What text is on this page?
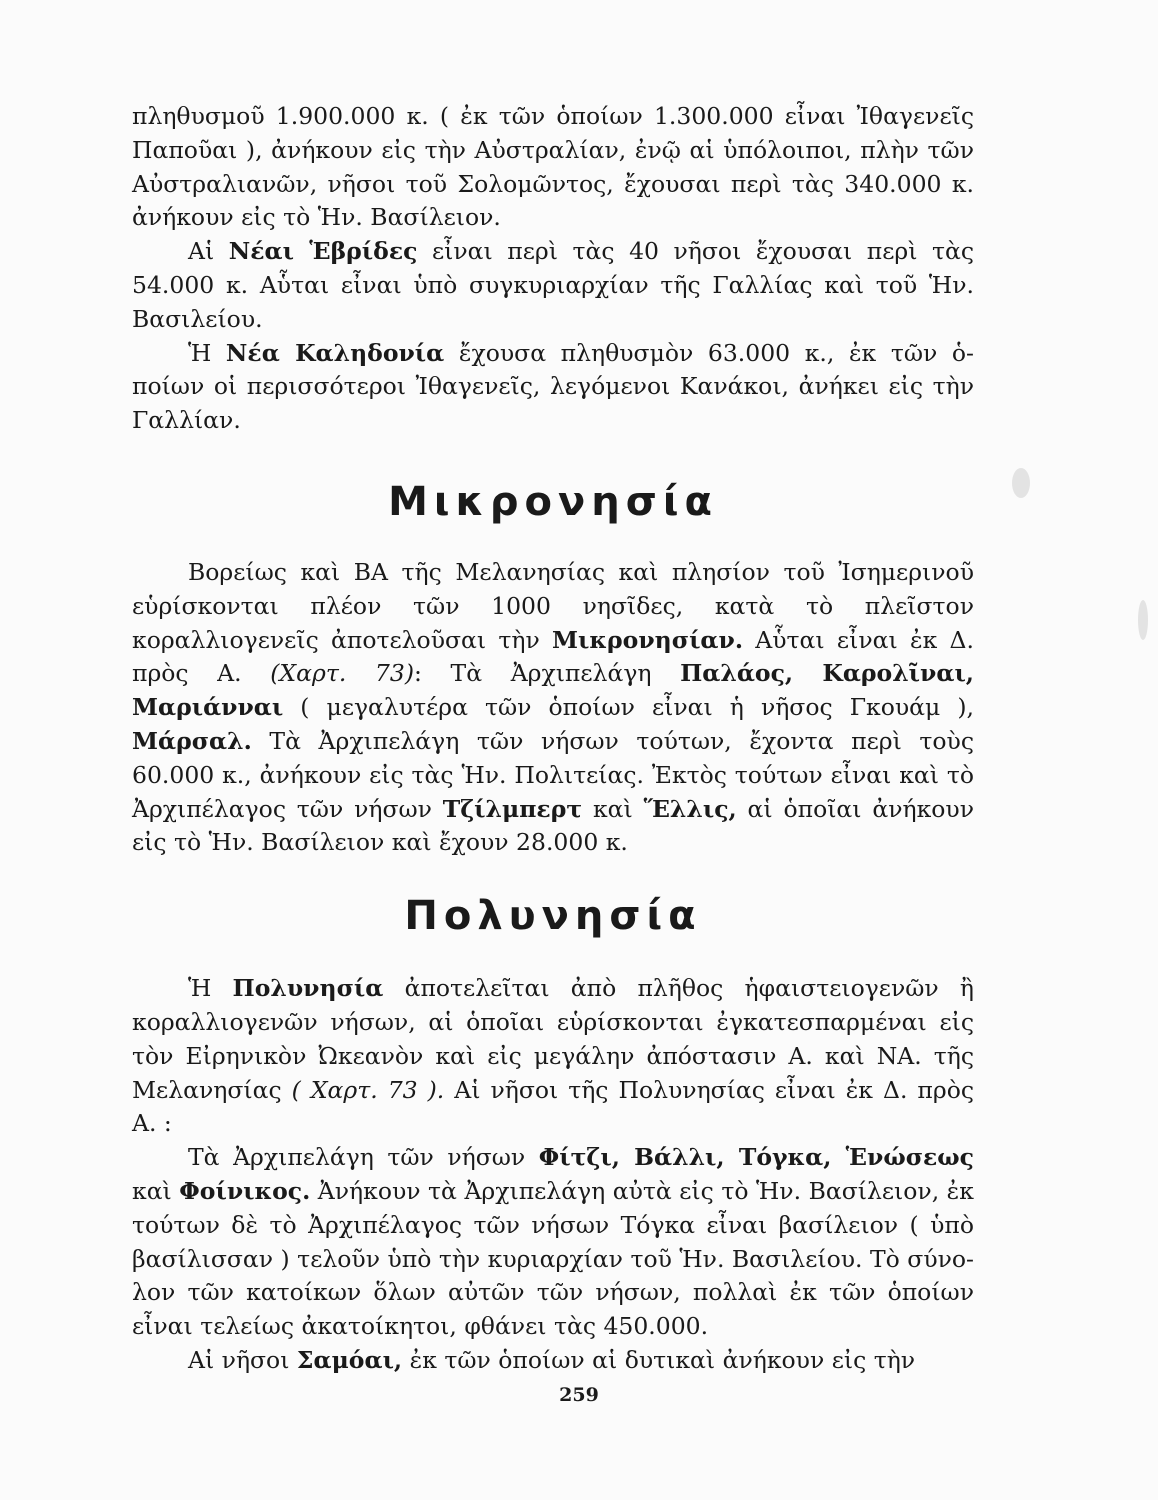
πληθυσμοῦ 1.900.000 κ. ( ἐκ τῶν ὁποίων 1.300.000 εἶναι Ἰθαγενεῖς Παποῦαι ), ἀνήκουν εἰς τὴν Αὐστραλίαν, ἐνῷ αἱ ὑπόλοιποι, πλὴν τῶν Αὐστραλιανῶν, νῆσοι τοῦ Σολομῶντος, ἔχουσαι περὶ τὰς 340.000 κ. ἀνήκουν εἰς τὸ Ἡν. Βασίλειον.

Αἱ Νέαι Ἑβρίδες εἶναι περὶ τὰς 40 νῆσοι ἔχουσαι περὶ τὰς 54.000 κ. Αὗται εἶναι ὑπὸ συγκυριαρχίαν τῆς Γαλλίας καὶ τοῦ Ἡν. Βασιλείου.

Ἡ Νέα Καληδονία ἔχουσα πληθυσμὸν 63.000 κ., ἐκ τῶν ὁποίων οἱ περισσότεροι Ἰθαγενεῖς, λεγόμενοι Κανάκοι, ἀνήκει εἰς τὴν Γαλλίαν.

Μικρονησία

Βορείως καὶ ΒΑ τῆς Μελανησίας καὶ πλησίον τοῦ Ἰσημερινοῦ εὑρίσκονται πλέον τῶν 1000 νησῖδες, κατὰ τὸ πλεῖστον κοραλλιογενεῖς ἀποτελοῦσαι τὴν Μικρονησίαν. Αὗται εἶναι ἐκ Δ. πρὸς Α. (Χαρτ. 73): Τὰ Ἀρχιπελάγη Παλάος, Καρολῖναι, Μαριάνναι ( μεγαλυτέρα τῶν ὁποίων εἶναι ἡ νῆσος Γκουάμ ), Μάρσαλ. Τὰ Ἀρχιπελάγη τῶν νήσων τούτων, ἔχοντα περὶ τοὺς 60.000 κ., ἀνήκουν εἰς τὰς Ἡν. Πολιτείας. Ἐκτὸς τούτων εἶναι καὶ τὸ Ἀρχιπέλαγος τῶν νήσων Τζίλμπερτ καὶ Ἕλλις, αἱ ὁποῖαι ἀνήκουν εἰς τὸ Ἡν. Βασίλειον καὶ ἔχουν 28.000 κ.

Πολυνησία

Ἡ Πολυνησία ἀποτελεῖται ἀπὸ πλῆθος ἡφαιστειογενῶν ἢ κοραλλιογενῶν νήσων, αἱ ὁποῖαι εὑρίσκονται ἐγκατεσπαρμέναι εἰς τὸν Εἰρηνικὸν Ὠκεανὸν καὶ εἰς μεγάλην ἀπόστασιν Α. καὶ ΝΑ. τῆς Μελανησίας ( Χαρτ. 73 ). Αἱ νῆσοι τῆς Πολυνησίας εἶναι ἐκ Δ. πρὸς Α. :

Τὰ Ἀρχιπελάγη τῶν νήσων Φίτζι, Βάλλι, Τόγκα, Ἑνώσεως καὶ Φοίνικος. Ἀνήκουν τὰ Ἀρχιπελάγη αὐτὰ εἰς τὸ Ἡν. Βασίλειον, ἐκ τούτων δὲ τὸ Ἀρχιπέλαγος τῶν νήσων Τόγκα εἶναι βασίλειον ( ὑπὸ βασίλισσαν ) τελοῦν ὑπὸ τὴν κυριαρχίαν τοῦ Ἡν. Βασιλείου. Τὸ σύνολον τῶν κατοίκων ὅλων αὐτῶν τῶν νήσων, πολλαὶ ἐκ τῶν ὁποίων εἶναι τελείως ἀκατοίκητοι, φθάνει τὰς 450.000.

Αἱ νῆσοι Σαμόαι, ἐκ τῶν ὁποίων αἱ δυτικαὶ ἀνήκουν εἰς τὴν

259
